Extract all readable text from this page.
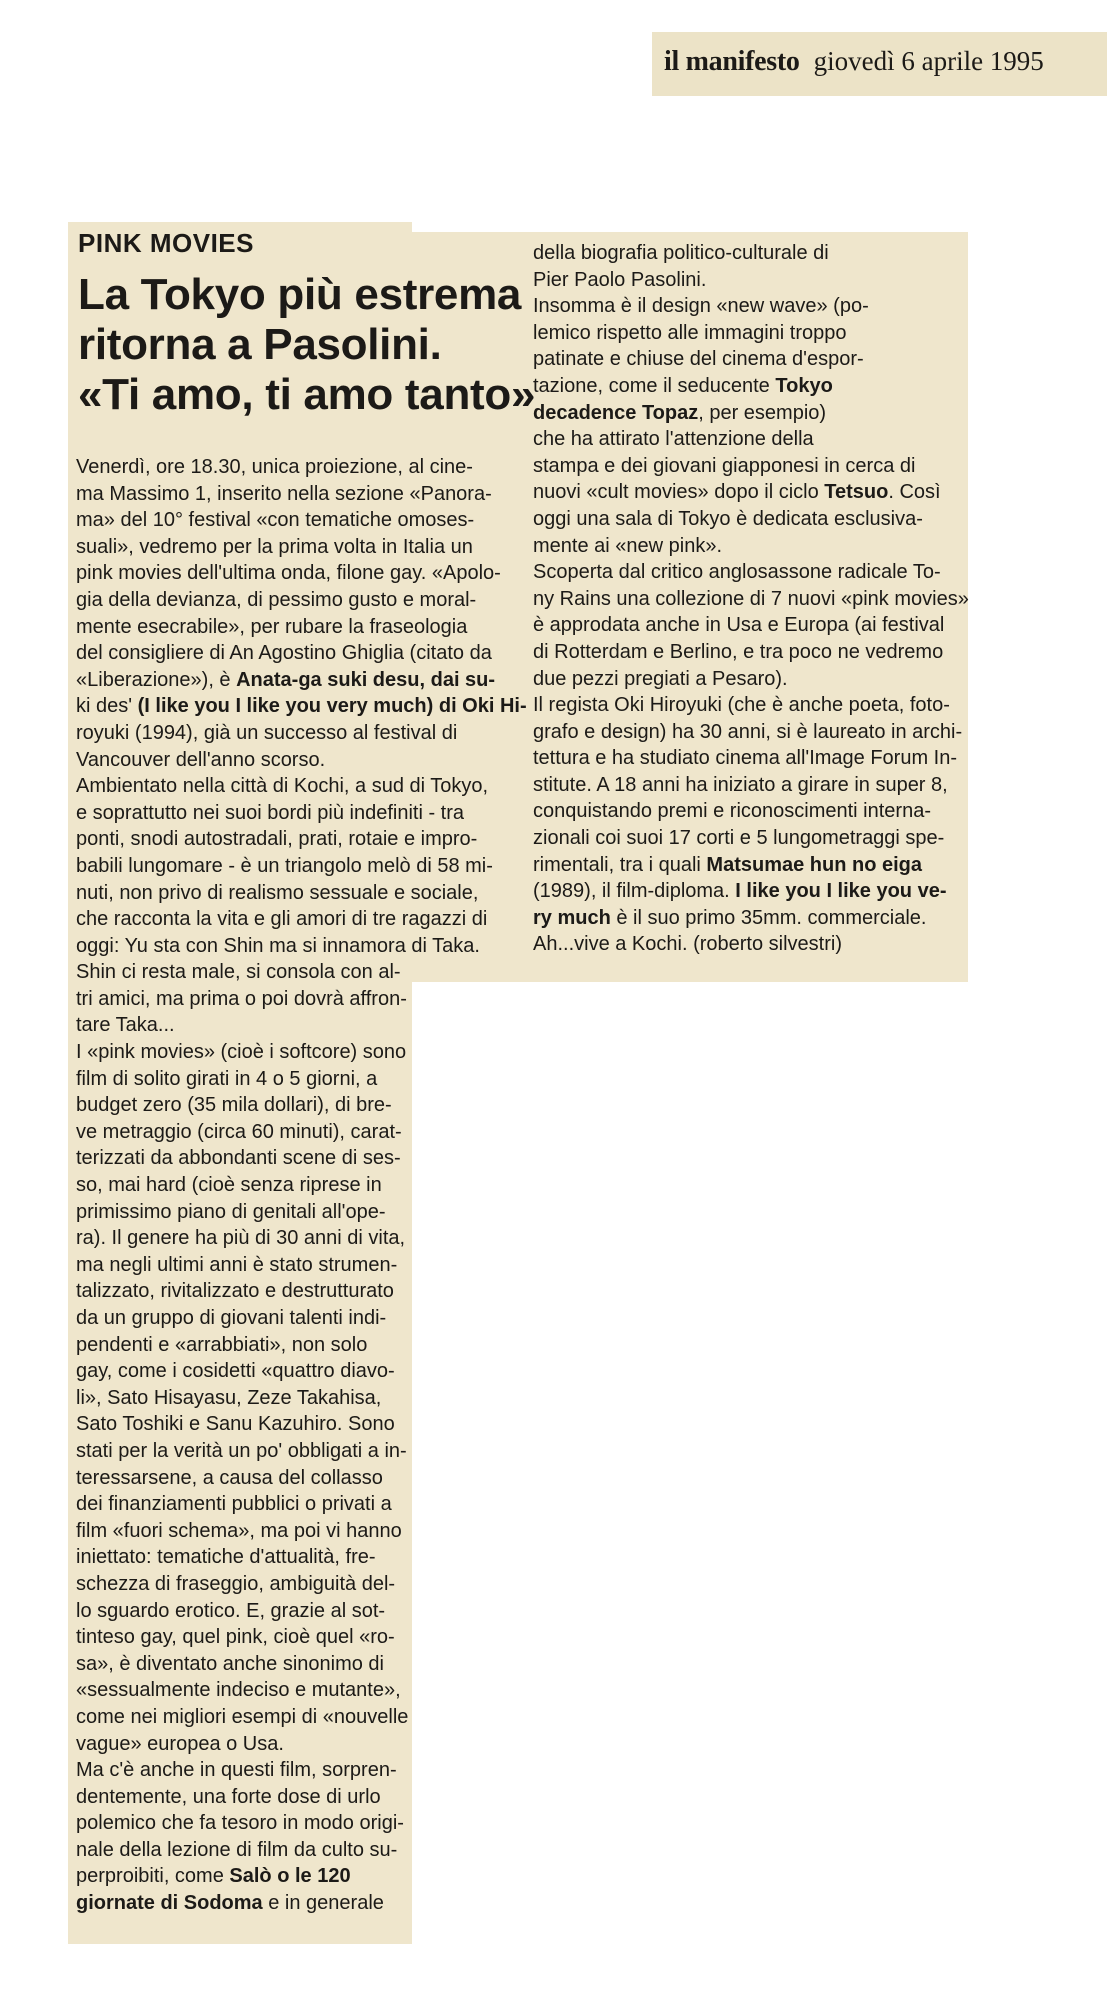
il manifesto giovedì 6 aprile 1995
PINK MOVIES
La Tokyo più estrema
ritorna a Pasolini.
«Ti amo, ti amo tanto»

Venerdì, ore 18.30, unica proiezione, al cine-

ma Massimo 1, inserito nella sezione «Panora-

ma» del 10° festival «con tematiche omoses-

suali», vedremo per la prima volta in Italia un

pink movies dell'ultima onda, filone gay. «Apolo-

gia della devianza, di pessimo gusto e moral-

mente esecrabile», per rubare la fraseologia

del consigliere di An Agostino Ghiglia (citato da

«Liberazione»), è Anata-ga suki desu, dai su-

ki des' (I like you I like you very much) di Oki Hi-

royuki (1994), già un successo al festival di

Vancouver dell'anno scorso.

Ambientato nella città di Kochi, a sud di Tokyo,

e soprattutto nei suoi bordi più indefiniti - tra

ponti, snodi autostradali, prati, rotaie e impro-

babili lungomare - è un triangolo melò di 58 mi-

nuti, non privo di realismo sessuale e sociale,

che racconta la vita e gli amori di tre ragazzi di

oggi: Yu sta con Shin ma si innamora di Taka.

Shin ci resta male, si consola con al-

tri amici, ma prima o poi dovrà affron-

tare Taka...

I «pink movies» (cioè i softcore) sono

film di solito girati in 4 o 5 giorni, a

budget zero (35 mila dollari), di bre-

ve metraggio (circa 60 minuti), carat-

terizzati da abbondanti scene di ses-

so, mai hard (cioè senza riprese in

primissimo piano di genitali all'ope-

ra). Il genere ha più di 30 anni di vita,

ma negli ultimi anni è stato strumen-

talizzato, rivitalizzato e destrutturato

da un gruppo di giovani talenti indi-

pendenti e «arrabbiati», non solo

gay, come i cosidetti «quattro diavo-

li», Sato Hisayasu, Zeze Takahisa,

Sato Toshiki e Sanu Kazuhiro. Sono

stati per la verità un po' obbligati a in-

teressarsene, a causa del collasso

dei finanziamenti pubblici o privati a

film «fuori schema», ma poi vi hanno

iniettato: tematiche d'attualità, fre-

schezza di fraseggio, ambiguità del-

lo sguardo erotico. E, grazie al sot-

tinteso gay, quel pink, cioè quel «ro-

sa», è diventato anche sinonimo di

«sessualmente indeciso e mutante»,

come nei migliori esempi di «nouvelle

vague» europea o Usa.

Ma c'è anche in questi film, sorpren-

dentemente, una forte dose di urlo

polemico che fa tesoro in modo origi-

nale della lezione di film da culto su-

perproibiti, come Salò o le 120

giornate di Sodoma e in generale

della biografia politico-culturale di

Pier Paolo Pasolini.

Insomma è il design «new wave» (po-

lemico rispetto alle immagini troppo

patinate e chiuse del cinema d'espor-

tazione, come il seducente Tokyo

decadence Topaz, per esempio)

che ha attirato l'attenzione della

stampa e dei giovani giapponesi in cerca di

nuovi «cult movies» dopo il ciclo Tetsuo. Così

oggi una sala di Tokyo è dedicata esclusiva-

mente ai «new pink».

Scoperta dal critico anglosassone radicale To-

ny Rains una collezione di 7 nuovi «pink movies»

è approdata anche in Usa e Europa (ai festival

di Rotterdam e Berlino, e tra poco ne vedremo

due pezzi pregiati a Pesaro).

Il regista Oki Hiroyuki (che è anche poeta, foto-

grafo e design) ha 30 anni, si è laureato in archi-

tettura e ha studiato cinema all'Image Forum In-

stitute. A 18 anni ha iniziato a girare in super 8,

conquistando premi e riconoscimenti interna-

zionali coi suoi 17 corti e 5 lungometraggi spe-

rimentali, tra i quali Matsumae hun no eiga

(1989), il film-diploma. I like you I like you ve-

ry much è il suo primo 35mm. commerciale.

Ah...vive a Kochi. (roberto silvestri)
